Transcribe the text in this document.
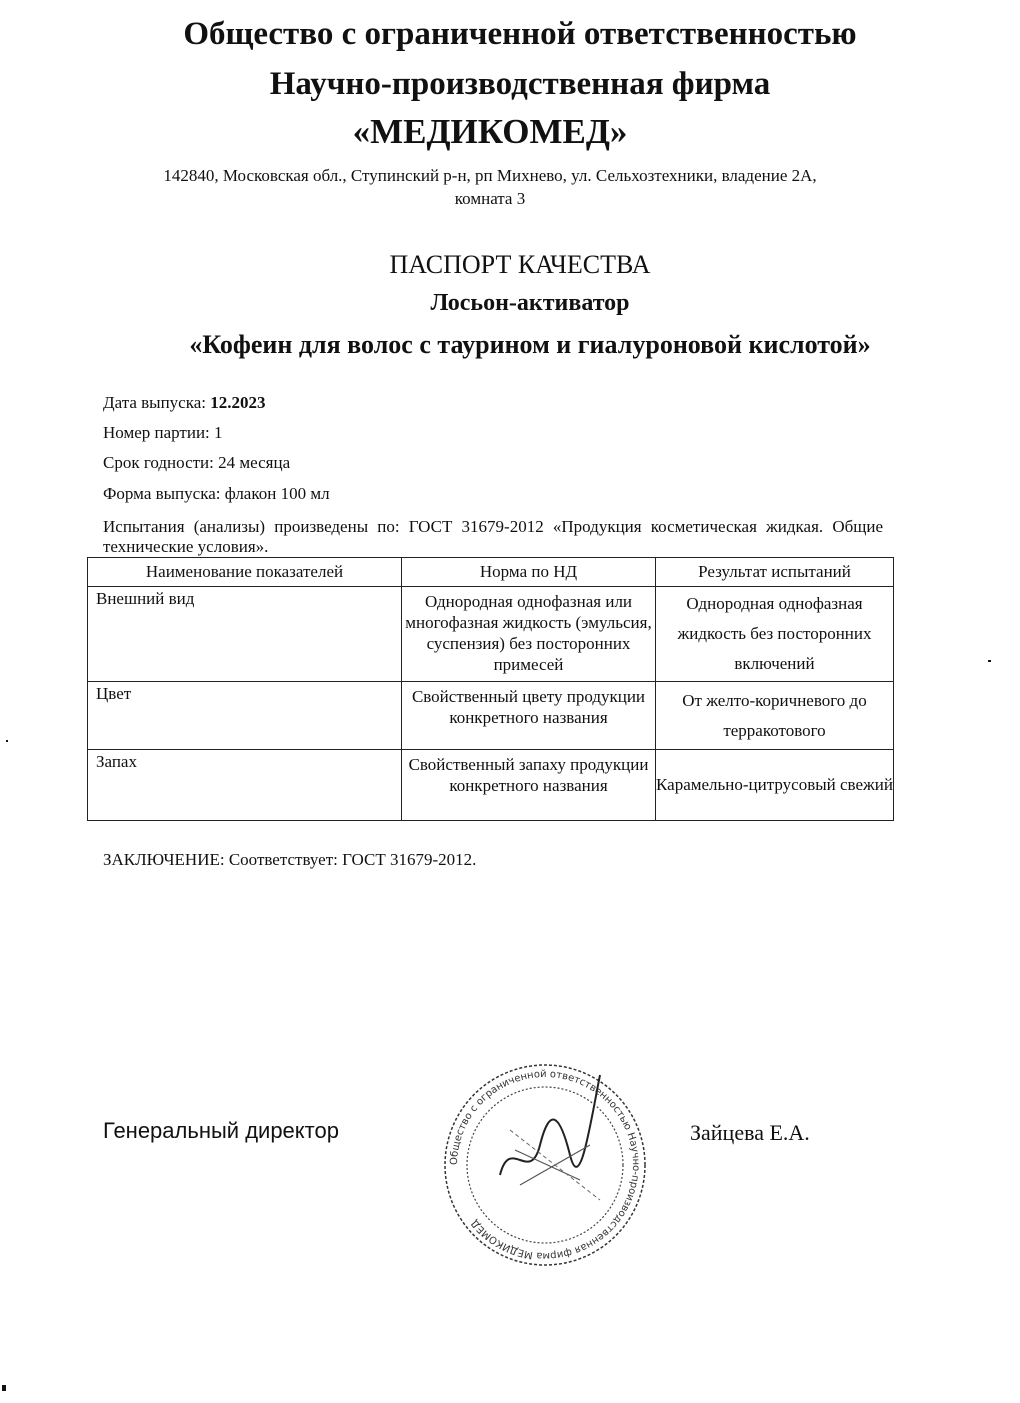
Общество с ограниченной ответственностью
Научно-производственная фирма
«МЕДИКОМЕД»
142840, Московская обл., Ступинский р-н, рп Михнево, ул. Сельхозтехники, владение 2А,
комната 3
ПАСПОРТ КАЧЕСТВА
Лосьон-активатор
«Кофеин для волос с таурином и гиалуроновой кислотой»
Дата выпуска: 12.2023
Номер партии: 1
Срок годности: 24 месяца
Форма выпуска: флакон 100 мл
Испытания (анализы) произведены по: ГОСТ 31679-2012 «Продукция косметическая жидкая. Общие технические условия».
Наименование показателей	Норма по НД	Результат испытаний
Внешний вид	Однородная однофазная или многофазная жидкость (эмульсия, суспензия) без посторонних примесей	Однородная однофазная жидкость без посторонних включений
Цвет	Свойственный цвету продукции конкретного названия	От желто-коричневого до терракотового
Запах	Свойственный запаху продукции конкретного названия	Карамельно-цитрусовый свежий
ЗАКЛЮЧЕНИЕ: Соответствует: ГОСТ 31679-2012.
Генеральный директор	Зайцева Е.А.
Общество с ограниченной ответственностью Научно-производственная фирма МЕДИКОМЕД
